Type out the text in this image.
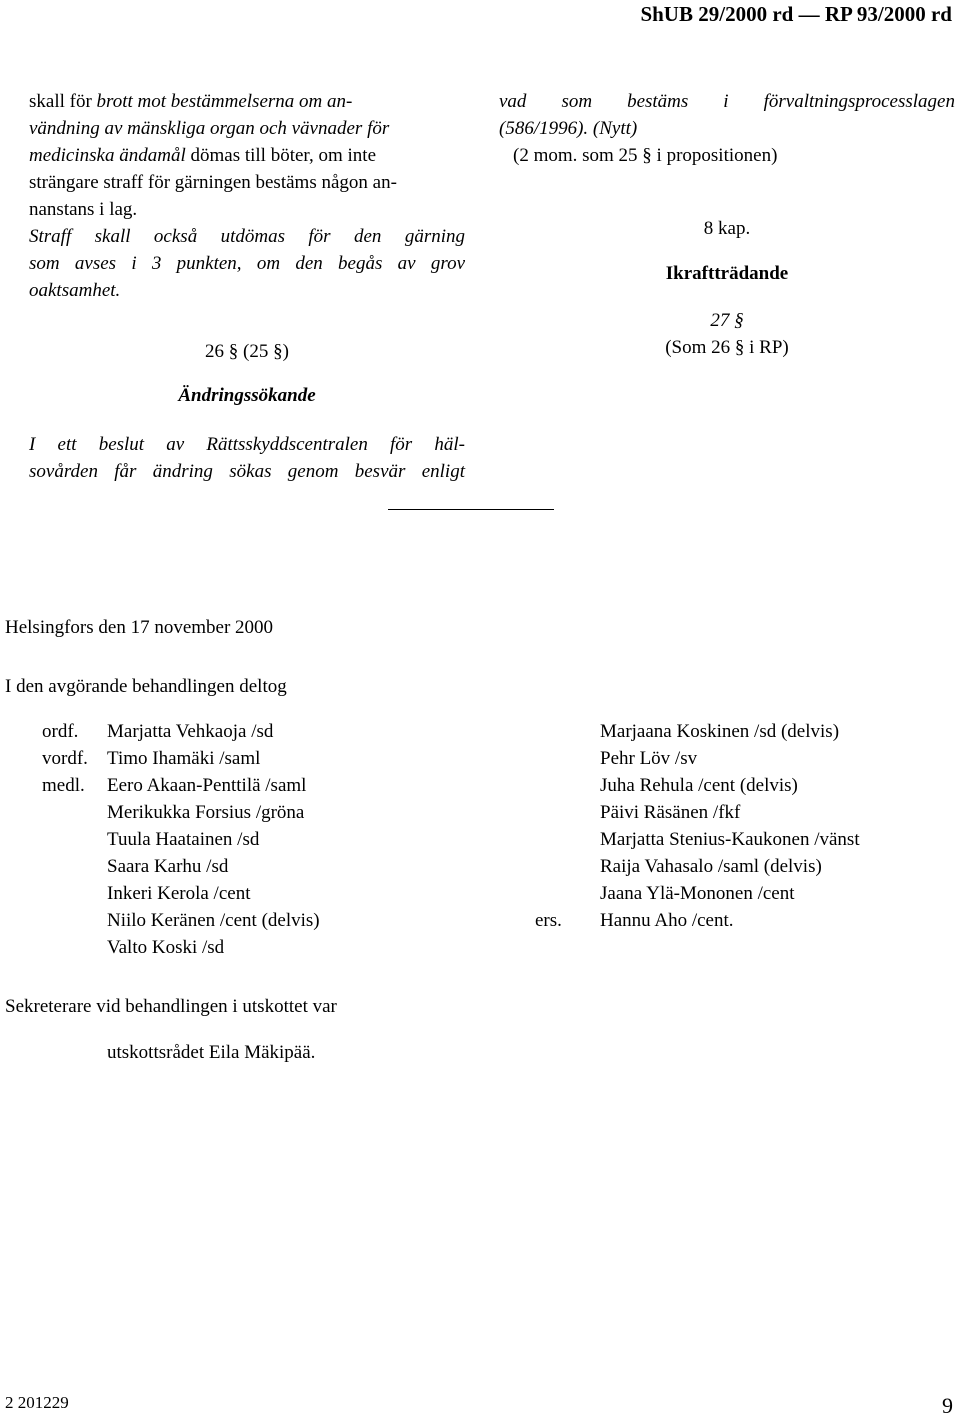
ShUB 29/2000 rd — RP 93/2000 rd
skall för brott mot bestämmelserna om an-
vändning av mänskliga organ och vävnader för
medicinska ändamål dömas till böter, om inte
strängare straff för gärningen bestäms någon an-
nanstans i lag.
Straff skall också utdömas för den gärning
som avses i 3 punkten, om den begås av grov
oaktsamhet.
26 § (25 §)
Ändringssökande
I ett beslut av Rättsskyddscentralen för häl-
sovården får ändring sökas genom besvär enligt
vad som bestäms i förvaltningsprocesslagen
(586/1996). (Nytt)
(2 mom. som 25 § i propositionen)
8 kap.
Ikraftträdande
27 §
(Som 26 § i RP)
Helsingfors den 17 november 2000
I den avgörande behandlingen deltog
ordf.
vordf.
medl.
ers.
Marjatta Vehkaoja /sd
Timo Ihamäki /saml
Eero Akaan-Penttilä /saml
Merikukka Forsius /gröna
Tuula Haatainen /sd
Saara Karhu /sd
Inkeri Kerola /cent
Niilo Keränen /cent (delvis)
Valto Koski /sd
Marjaana Koskinen /sd (delvis)
Pehr Löv /sv
Juha Rehula /cent (delvis)
Päivi Räsänen /fkf
Marjatta Stenius-Kaukonen /vänst
Raija Vahasalo /saml (delvis)
Jaana Ylä-Mononen /cent
Hannu Aho /cent.
Sekreterare vid behandlingen i utskottet var
utskottsrådet Eila Mäkipää.
2 201229	9
